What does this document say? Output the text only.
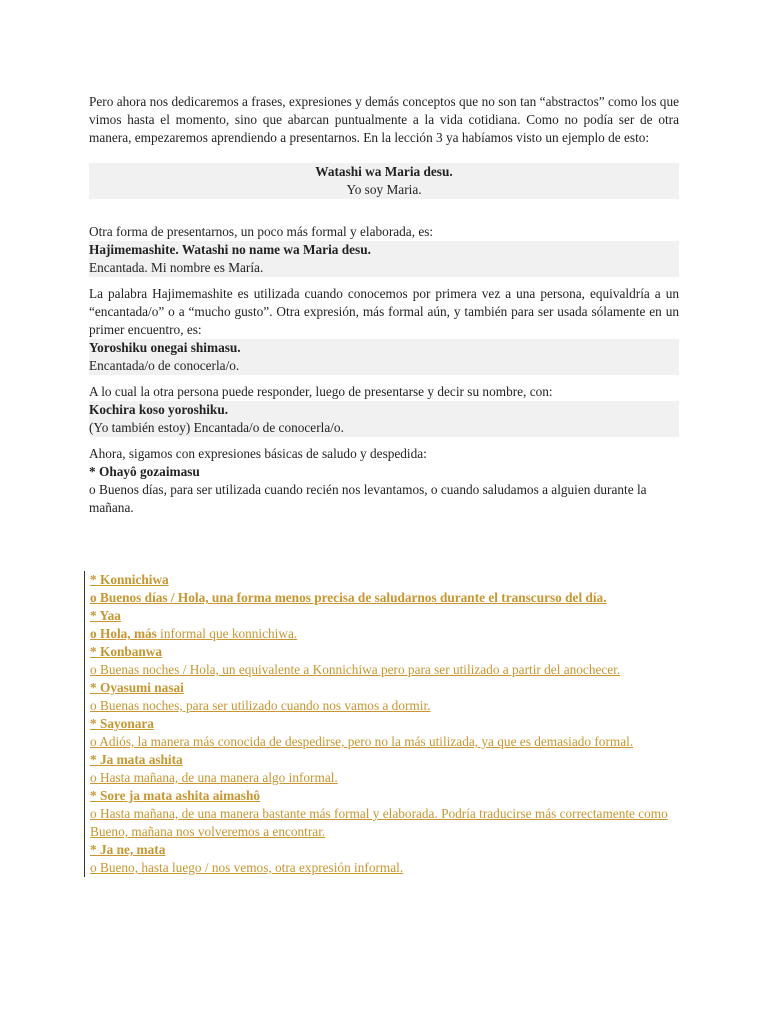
Pero ahora nos dedicaremos a frases, expresiones y demás conceptos que no son tan “abstractos” como los que vimos hasta el momento, sino que abarcan puntualmente a la vida cotidiana. Como no podía ser de otra manera, empezaremos aprendiendo a presentarnos. En la lección 3 ya habíamos visto un ejemplo de esto:

Watashi wa Maria desu.
Yo soy Maria.
Otra forma de presentarnos, un poco más formal y elaborada, es:
Hajimemashite. Watashi no name wa Maria desu.
Encantada. Mi nombre es María.

La palabra Hajimemashite es utilizada cuando conocemos por primera vez a una persona, equivaldría a un “encantada/o” o a “mucho gusto”. Otra expresión, más formal aún, y también para ser usada sólamente en un primer encuentro, es:

Yoroshiku onegai shimasu.
Encantada/o de conocerla/o.
A lo cual la otra persona puede responder, luego de presentarse y decir su nombre, con:
Kochira koso yoroshiku.
(Yo también estoy) Encantada/o de conocerla/o.
Ahora, sigamos con expresiones básicas de saludo y despedida:
* Ohayô gozaimasu
o Buenos días, para ser utilizada cuando recién nos levantamos, o cuando saludamos a alguien durante la mañana.
* Konnichiwa
o Buenos días / Hola, una forma menos precisa de saludarnos durante el transcurso del día.
* Yaa
o Hola, más informal que konnichiwa.
* Konbanwa
o Buenas noches / Hola, un equivalente a Konnichiwa pero para ser utilizado a partir del anochecer.
* Oyasumi nasai
o Buenas noches, para ser utilizado cuando nos vamos a dormir.
* Sayonara
o Adiós, la manera más conocida de despedirse, pero no la más utilizada, ya que es demasiado formal.
* Ja mata ashita
o Hasta mañana, de una manera algo informal.
* Sore ja mata ashita aimashô
o Hasta mañana, de una manera bastante más formal y elaborada. Podría traducirse más correctamente como Bueno, mañana nos volveremos a encontrar.
* Ja ne, mata
o Bueno, hasta luego / nos vemos, otra expresión informal.
